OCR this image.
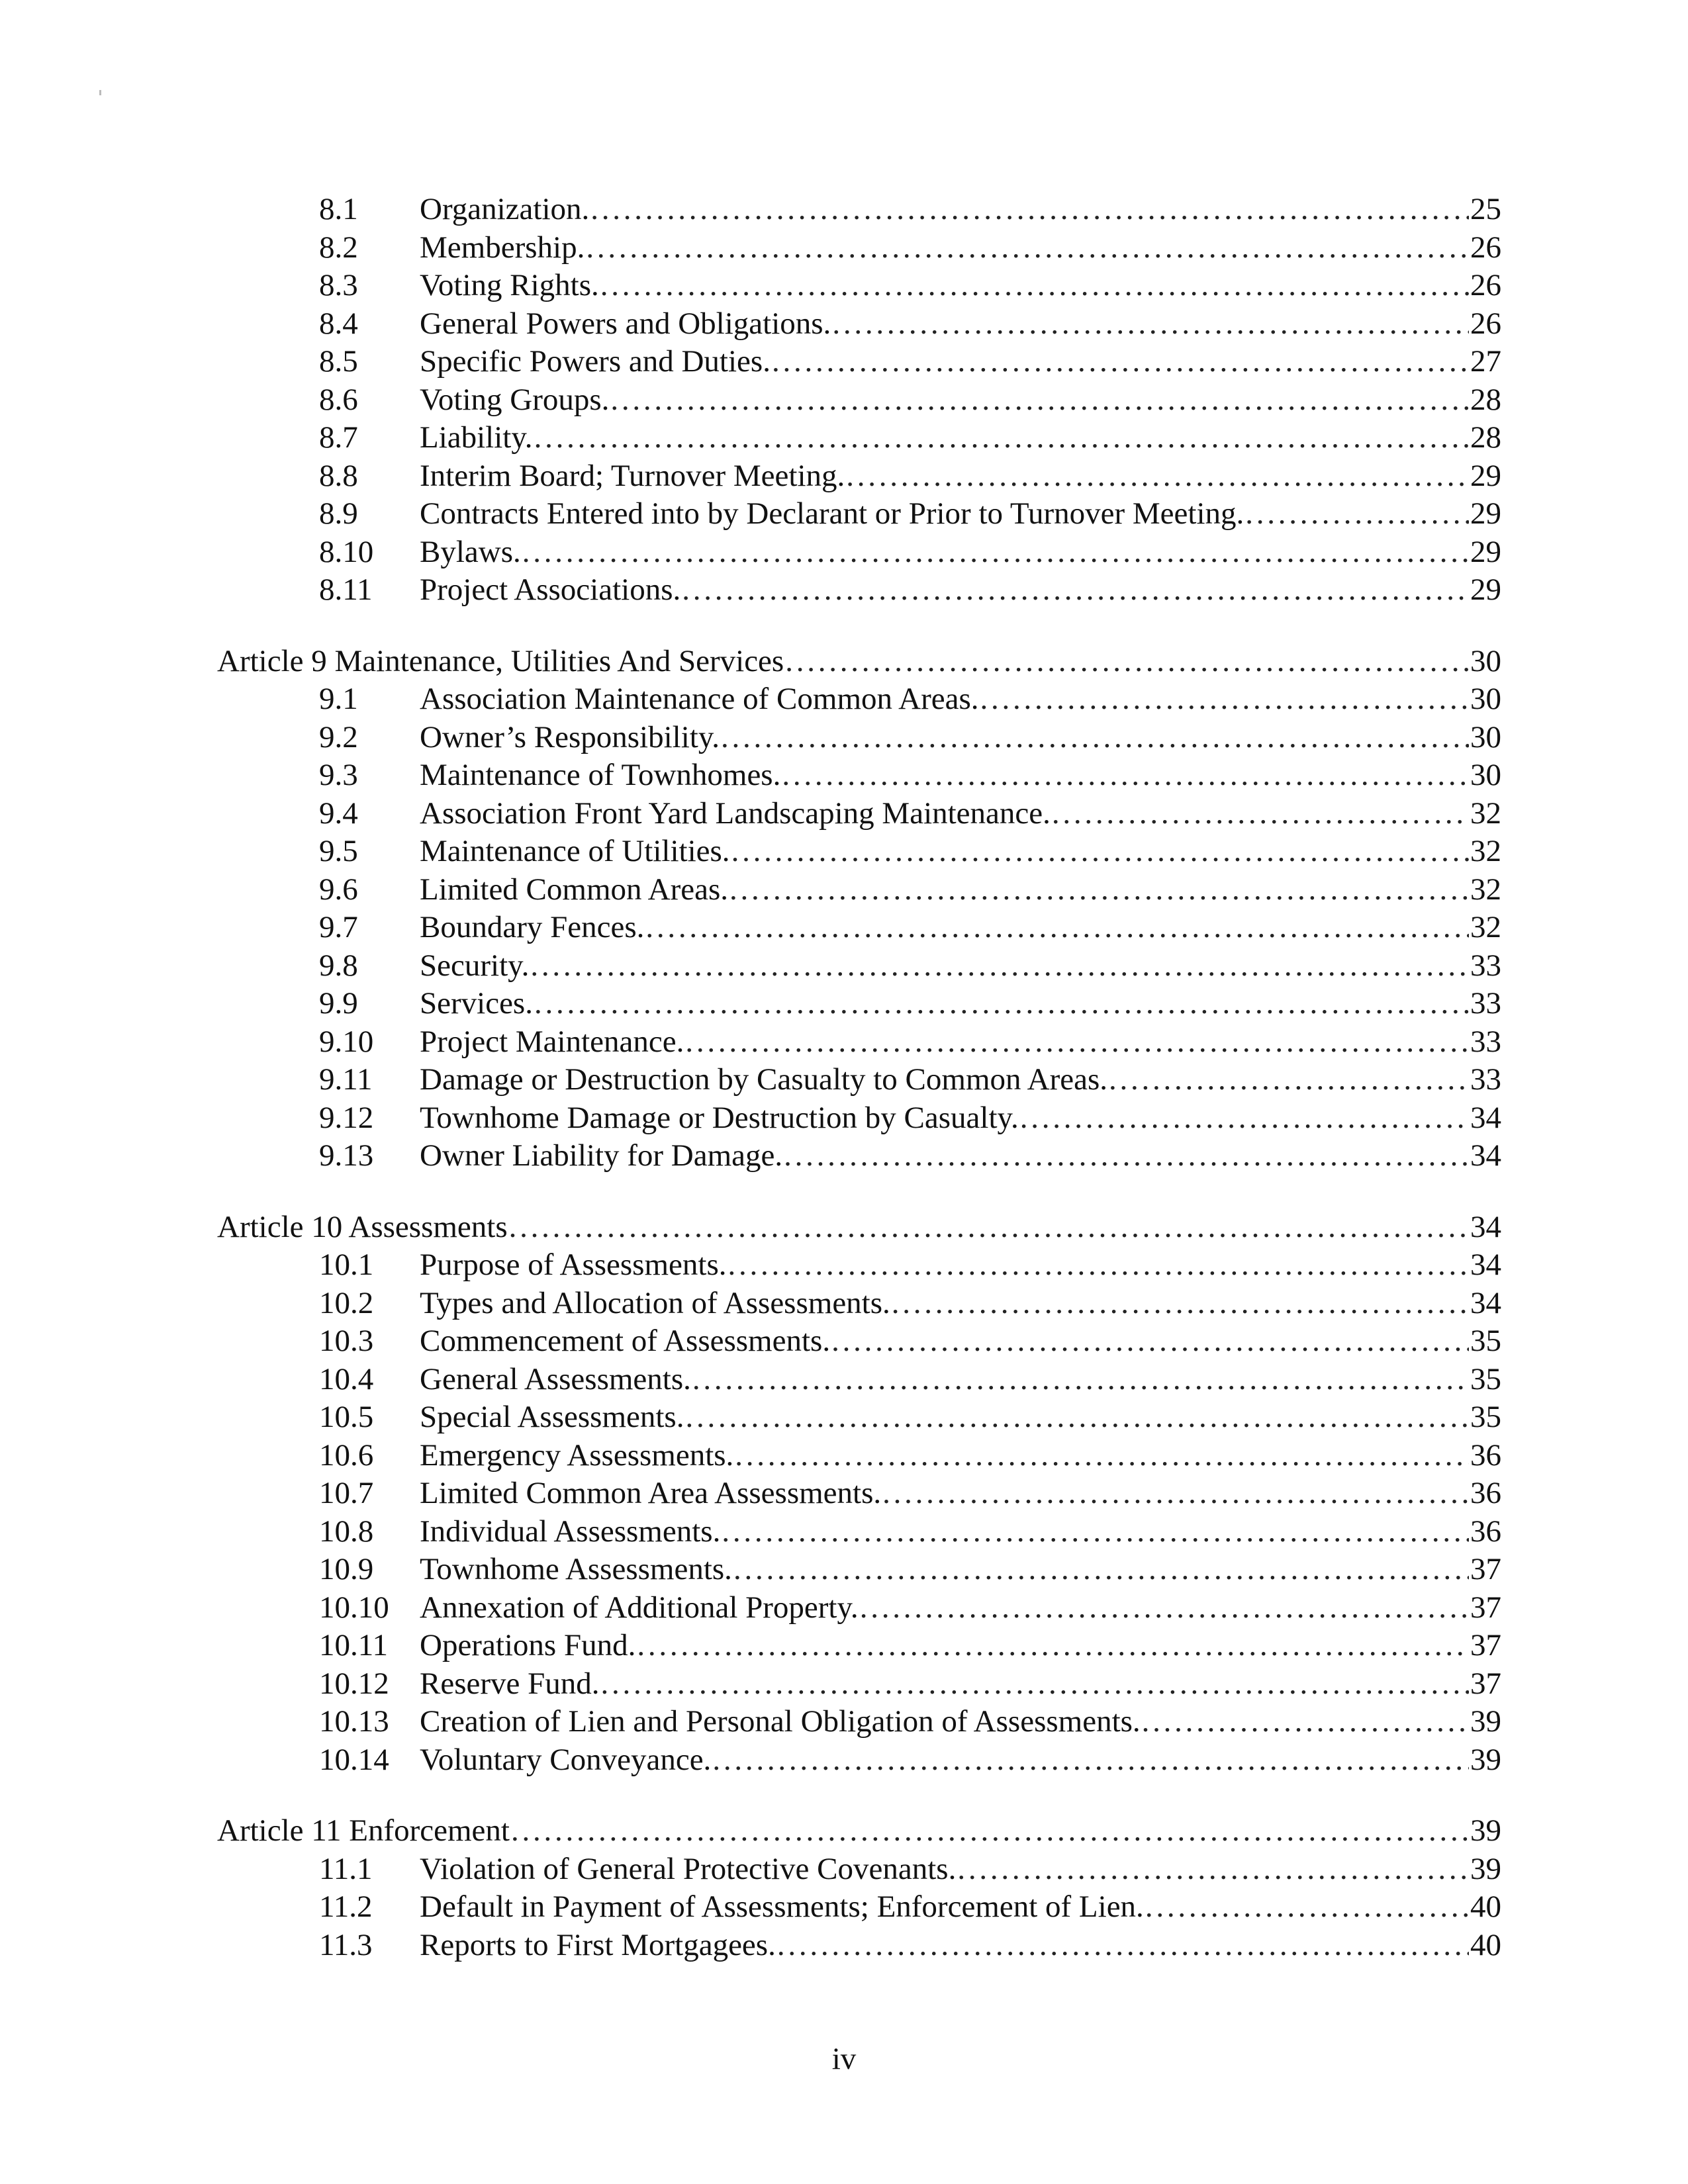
8.1 Organization. . . .	25
8.2 Membership. . . .	26
8.3 Voting Rights. . . .	26
8.4 General Powers and Obligations. . . .	26
8.5 Specific Powers and Duties. . . .	27
8.6 Voting Groups. . . .	28
8.7 Liability. . . .	28
8.8 Interim Board; Turnover Meeting. . . .	29
8.9 Contracts Entered into by Declarant or Prior to Turnover Meeting. . . .	29
8.10 Bylaws. . . .	29
8.11 Project Associations. . . .	29
Article 9 Maintenance, Utilities And Services . . .	30
9.1 Association Maintenance of Common Areas. . . .	30
9.2 Owner’s Responsibility. . . .	30
9.3 Maintenance of Townhomes. . . .	30
9.4 Association Front Yard Landscaping Maintenance. . . .	32
9.5 Maintenance of Utilities. . . .	32
9.6 Limited Common Areas. . . .	32
9.7 Boundary Fences. . . .	32
9.8 Security. . . .	33
9.9 Services. . . .	33
9.10 Project Maintenance. . . .	33
9.11 Damage or Destruction by Casualty to Common Areas. . . .	33
9.12 Townhome Damage or Destruction by Casualty. . . .	34
9.13 Owner Liability for Damage. . . .	34
Article 10 Assessments . . .	34
10.1 Purpose of Assessments. . . .	34
10.2 Types and Allocation of Assessments. . . .	34
10.3 Commencement of Assessments. . . .	35
10.4 General Assessments. . . .	35
10.5 Special Assessments. . . .	35
10.6 Emergency Assessments. . . .	36
10.7 Limited Common Area Assessments. . . .	36
10.8 Individual Assessments. . . .	36
10.9 Townhome Assessments. . . .	37
10.10 Annexation of Additional Property. . . .	37
10.11 Operations Fund. . . .	37
10.12 Reserve Fund. . . .	37
10.13 Creation of Lien and Personal Obligation of Assessments. . . .	39
10.14 Voluntary Conveyance. . . .	39
Article 11 Enforcement . . .	39
11.1 Violation of General Protective Covenants. . . .	39
11.2 Default in Payment of Assessments; Enforcement of Lien. . . .	40
11.3 Reports to First Mortgagees. . . .	40
iv
